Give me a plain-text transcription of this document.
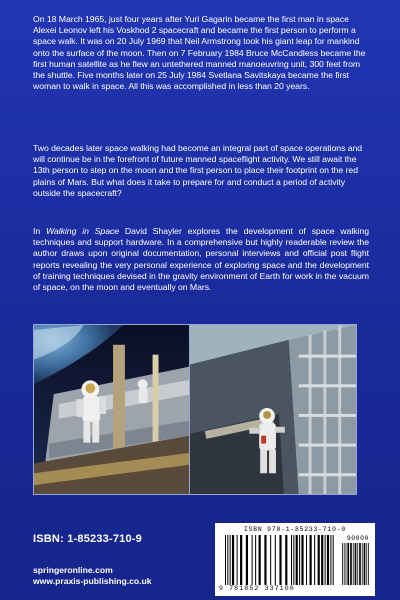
On 18 March 1965, just four years after Yuri Gagarin became the first man in space Alexei Leonov left his Voskhod 2 spacecraft and became the first person to perform a space walk. It was on 20 July 1969 that Neil Armstrong took his giant leap for mankind onto the surface of the moon. Then on 7 February 1984 Bruce McCandless became the first human satellite as he flew an untethered manned manoeuvring unit, 300 feet from the shuttle. Five months later on 25 July 1984 Svetlana Savitskaya became the first woman to walk in space. All this was accomplished in less than 20 years.

Two decades later space walking had become an integral part of space operations and will continue be in the forefront of future manned spaceflight activity. We still await the 13th person to step on the moon and the first person to place their footprint on the red plains of Mars. But what does it take to prepare for and conduct a period of activity outside the spacecraft?

In Walking in Space David Shayler explores the development of space walking techniques and support hardware. In a comprehensive but highly readerable review the author draws upon original documentation, personal interviews and official post flight reports revealing the very personal experience of exploring space and the development of training techniques devised in the gravity environment of Earth for work in the vacuum of space, on the moon and eventually on Mars.

ISBN: 1-85233-710-9
springeronline.com
www.praxis-publishing.co.uk
ISBN 978-1-85233-710-0
90000
9 781852 337100
